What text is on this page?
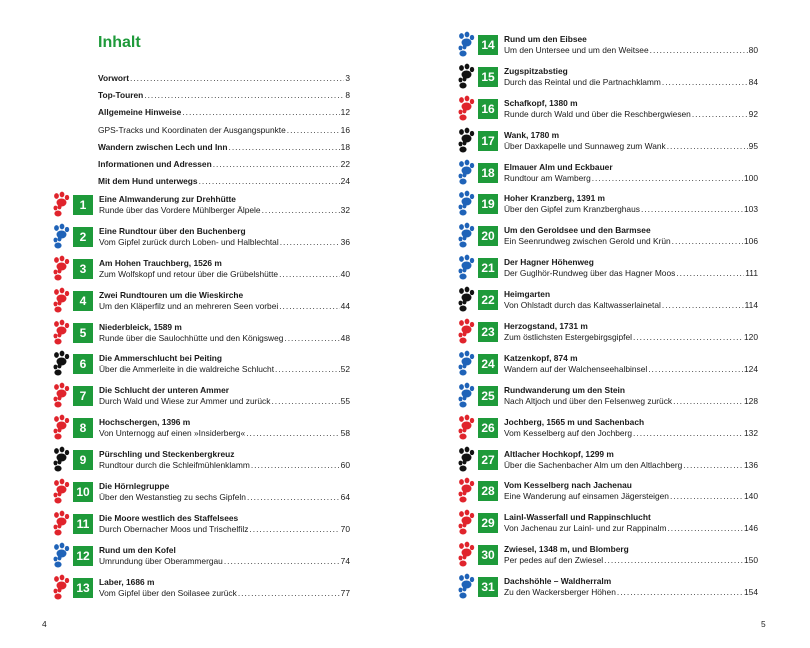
Inhalt
Vorwort .....	3
Top-Touren .....	8
Allgemeine Hinweise .....	12
GPS-Tracks und Koordinaten der Ausgangspunkte .....	16
Wandern zwischen Lech und Inn .....	18
Informationen und Adressen .....	22
Mit dem Hund unterwegs .....	24
1	Eine Almwanderung zur Drehhütte
Runde über das Vordere Mühlberger Älpele .....	32
2	Eine Rundtour über den Buchenberg
Vom Gipfel zurück durch Loben- und Halblechtal .....	36
3	Am Hohen Trauchberg, 1526 m
Zum Wolfskopf und retour über die Grübelshütte .....	40
4	Zwei Rundtouren um die Wieskirche
Um den Kläperfilz und an mehreren Seen vorbei .....	44
5	Niederbleick, 1589 m
Runde über die Saulochhütte und den Königsweg .....	48
6	Die Ammerschlucht bei Peiting
Über die Ammerleite in die waldreiche Schlucht .....	52
7	Die Schlucht der unteren Ammer
Durch Wald und Wiese zur Ammer und zurück .....	55
8	Hochschergen, 1396 m
Von Unternogg auf einen »Insiderberg« .....	58
9	Pürschling und Steckenbergkreuz
Rundtour durch die Schleifmühlenklamm .....	60
10	Die Hörnlegruppe
Über den Westanstieg zu sechs Gipfeln .....	64
11	Die Moore westlich des Staffelsees
Durch Obernacher Moos und Trischelfilz .....	70
12	Rund um den Kofel
Umrundung über Oberammergau .....	74
13	Laber, 1686 m
Vom Gipfel über den Soilasee zurück .....	77
4
14	Rund um den Eibsee
Um den Untersee und um den Weitsee .....	80
15	Zugspitzabstieg
Durch das Reintal und die Partnachklamm .....	84
16	Schafkopf, 1380 m
Runde durch Wald und über die Reschbergwiesen .....	92
17	Wank, 1780 m
Über Daxkapelle und Sunnaweg zum Wank .....	95
18	Elmauer Alm und Eckbauer
Rundtour am Wamberg .....	100
19	Hoher Kranzberg, 1391 m
Über den Gipfel zum Kranzberghaus .....	103
20	Um den Geroldsee und den Barmsee
Ein Seenrundweg zwischen Gerold und Krün .....	106
21	Der Hagner Höhenweg
Der Guglhör-Rundweg über das Hagner Moos .....	111
22	Heimgarten
Von Ohlstadt durch das Kaltwasserlainetal .....	114
23	Herzogstand, 1731 m
Zum östlichsten Estergebirgsgipfel .....	120
24	Katzenkopf, 874 m
Wandern auf der Walchenseehalbinsel .....	124
25	Rundwanderung um den Stein
Nach Altjoch und über den Felsenweg zurück .....	128
26	Jochberg, 1565 m und Sachenbach
Vom Kesselberg auf den Jochberg .....	132
27	Altlacher Hochkopf, 1299 m
Über die Sachenbacher Alm um den Altlachberg .....	136
28	Vom Kesselberg nach Jachenau
Eine Wanderung auf einsamen Jägersteigen .....	140
29	Lainl-Wasserfall und Rappinschlucht
Von Jachenau zur Lainl- und zur Rappinalm .....	146
30	Zwiesel, 1348 m, und Blomberg
Per pedes auf den Zwiesel .....	150
31	Dachshöhle – Waldherralm
Zu den Wackersberger Höhen .....	154
5
